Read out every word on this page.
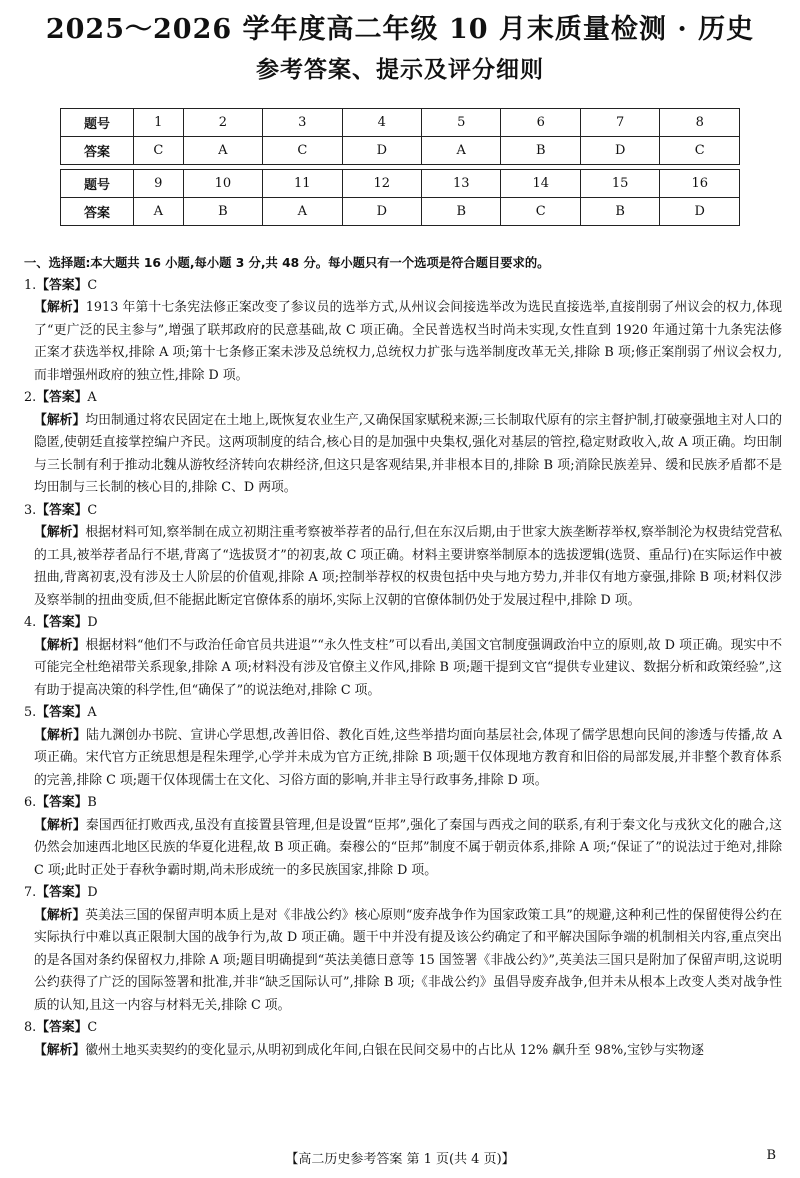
2025～2026 学年度高二年级 10 月末质量检测 · 历史
参考答案、提示及评分细则
题号	1	2	3	4	5	6	7	8
答案	C	A	C	D	A	B	D	C

题号	9	10	11	12	13	14	15	16
答案	A	B	A	D	B	C	B	D
一、选择题:本大题共 16 小题,每小题 3 分,共 48 分。每小题只有一个选项是符合题目要求的。
1.【答案】C
【解析】1913 年第十七条宪法修正案改变了参议员的选举方式,从州议会间接选举改为选民直接选举,直接削弱了州议会的权力,体现了“更广泛的民主参与”,增强了联邦政府的民意基础,故 C 项正确。全民普选权当时尚未实现,女性直到 1920 年通过第十九条宪法修正案才获选举权,排除 A 项;第十七条修正案未涉及总统权力,总统权力扩张与选举制度改革无关,排除 B 项;修正案削弱了州议会权力,而非增强州政府的独立性,排除 D 项。
2.【答案】A
【解析】均田制通过将农民固定在土地上,既恢复农业生产,又确保国家赋税来源;三长制取代原有的宗主督护制,打破豪强地主对人口的隐匿,使朝廷直接掌控编户齐民。这两项制度的结合,核心目的是加强中央集权,强化对基层的管控,稳定财政收入,故 A 项正确。均田制与三长制有利于推动北魏从游牧经济转向农耕经济,但这只是客观结果,并非根本目的,排除 B 项;消除民族差异、缓和民族矛盾都不是均田制与三长制的核心目的,排除 C、D 两项。
3.【答案】C
【解析】根据材料可知,察举制在成立初期注重考察被举荐者的品行,但在东汉后期,由于世家大族垄断荐举权,察举制沦为权贵结党营私的工具,被举荐者品行不堪,背离了“选拔贤才”的初衷,故 C 项正确。材料主要讲察举制原本的选拔逻辑(选贤、重品行)在实际运作中被扭曲,背离初衷,没有涉及士人阶层的价值观,排除 A 项;控制举荐权的权贵包括中央与地方势力,并非仅有地方豪强,排除 B 项;材料仅涉及察举制的扭曲变质,但不能据此断定官僚体系的崩坏,实际上汉朝的官僚体制仍处于发展过程中,排除 D 项。
4.【答案】D
【解析】根据材料“他们不与政治任命官员共进退”“永久性支柱”可以看出,美国文官制度强调政治中立的原则,故 D 项正确。现实中不可能完全杜绝裙带关系现象,排除 A 项;材料没有涉及官僚主义作风,排除 B 项;题干提到文官“提供专业建议、数据分析和政策经验”,这有助于提高决策的科学性,但“确保了”的说法绝对,排除 C 项。
5.【答案】A
【解析】陆九渊创办书院、宣讲心学思想,改善旧俗、教化百姓,这些举措均面向基层社会,体现了儒学思想向民间的渗透与传播,故 A 项正确。宋代官方正统思想是程朱理学,心学并未成为官方正统,排除 B 项;题干仅体现地方教育和旧俗的局部发展,并非整个教育体系的完善,排除 C 项;题干仅体现儒士在文化、习俗方面的影响,并非主导行政事务,排除 D 项。
6.【答案】B
【解析】秦国西征打败西戎,虽没有直接置县管理,但是设置“臣邦”,强化了秦国与西戎之间的联系,有利于秦文化与戎狄文化的融合,这仍然会加速西北地区民族的华夏化进程,故 B 项正确。秦穆公的“臣邦”制度不属于朝贡体系,排除 A 项;“保证了”的说法过于绝对,排除 C 项;此时正处于春秋争霸时期,尚未形成统一的多民族国家,排除 D 项。
7.【答案】D
【解析】英美法三国的保留声明本质上是对《非战公约》核心原则“废弃战争作为国家政策工具”的规避,这种利己性的保留使得公约在实际执行中难以真正限制大国的战争行为,故 D 项正确。题干中并没有提及该公约确定了和平解决国际争端的机制相关内容,重点突出的是各国对条约保留权力,排除 A 项;题目明确提到“英法美德日意等 15 国签署《非战公约》”,英美法三国只是附加了保留声明,这说明公约获得了广泛的国际签署和批准,并非“缺乏国际认可”,排除 B 项;《非战公约》虽倡导废弃战争,但并未从根本上改变人类对战争性质的认知,且这一内容与材料无关,排除 C 项。
8.【答案】C
【解析】徽州土地买卖契约的变化显示,从明初到成化年间,白银在民间交易中的占比从 12% 飙升至 98%,宝钞与实物逐
【高二历史参考答案 第 1 页(共 4 页)】	B
